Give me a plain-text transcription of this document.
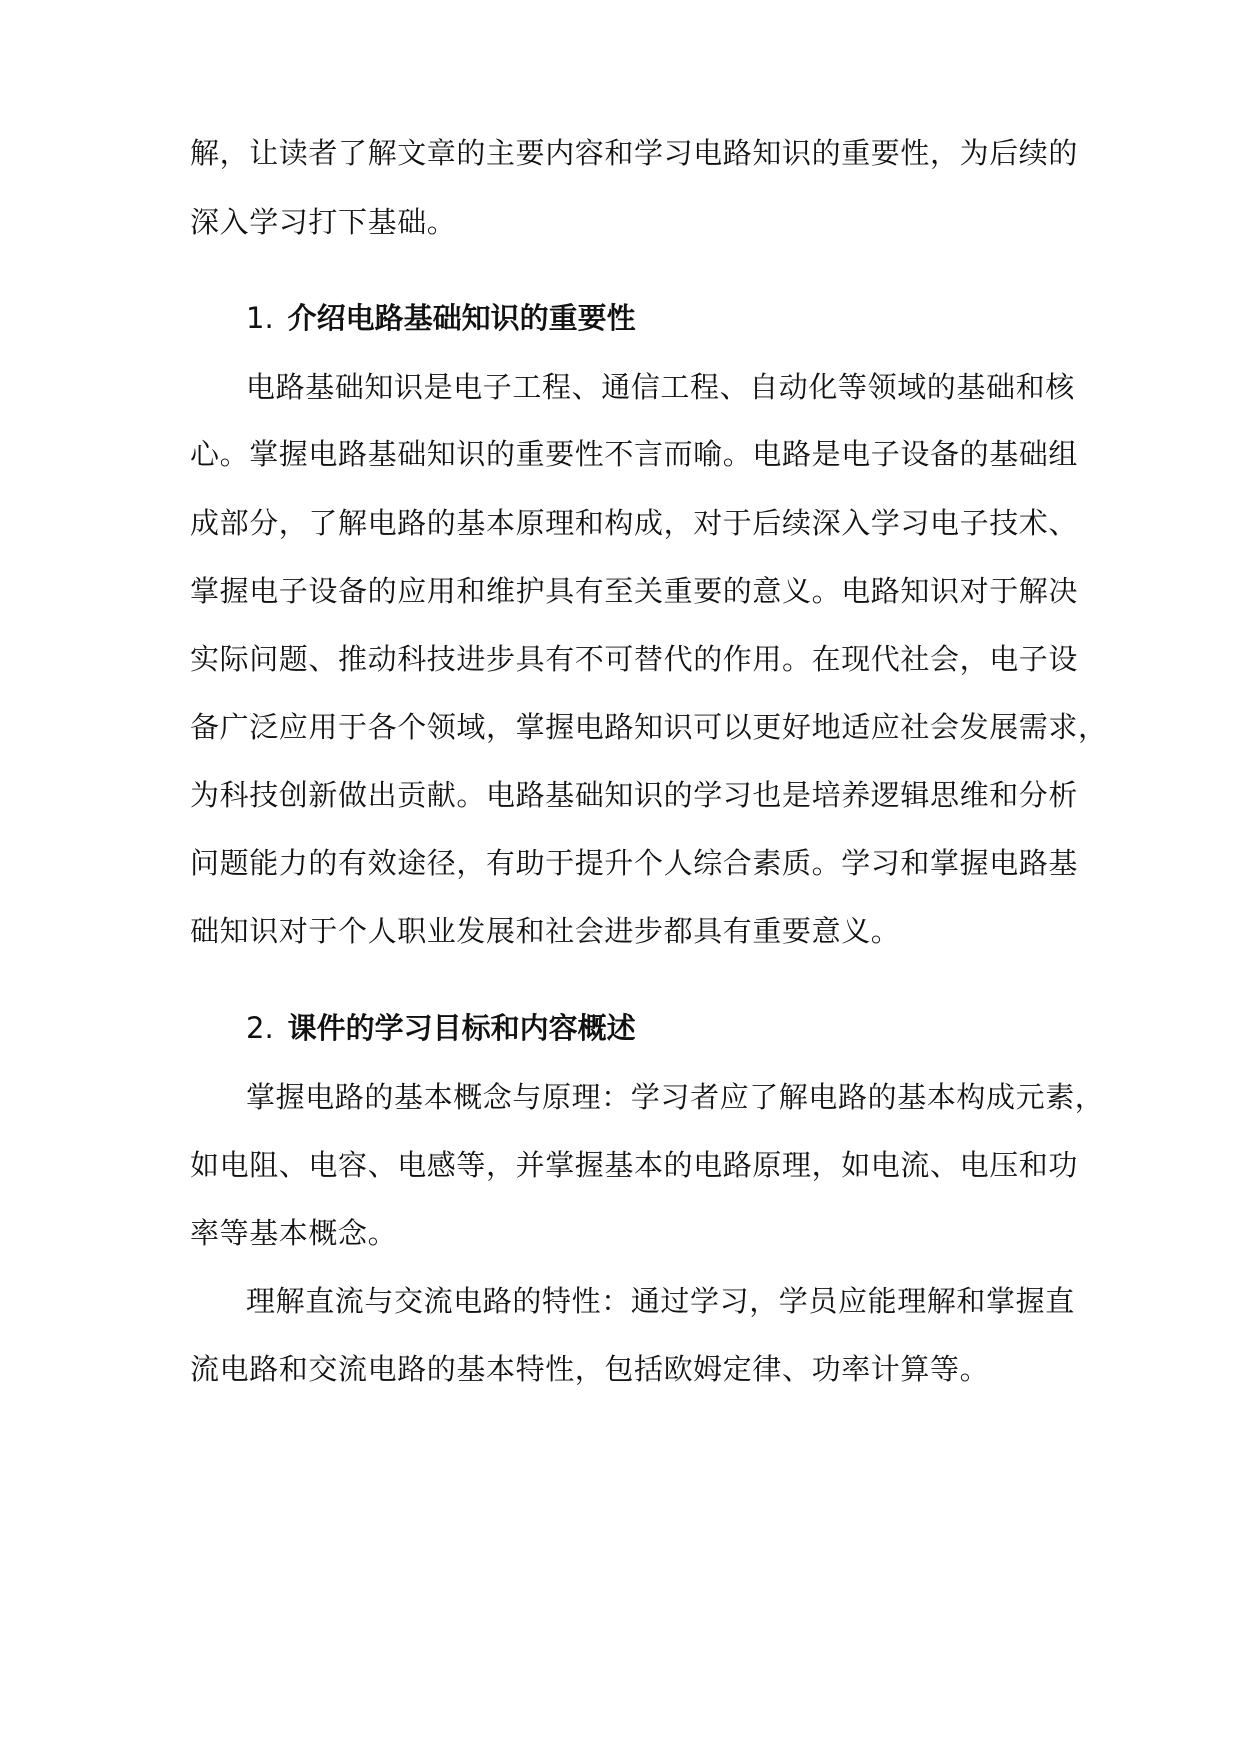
解，让读者了解文章的主要内容和学习电路知识的重要性，为后续的
深入学习打下基础。
1. 介绍电路基础知识的重要性
电路基础知识是电子工程、通信工程、自动化等领域的基础和核
心。掌握电路基础知识的重要性不言而喻。电路是电子设备的基础组
成部分，了解电路的基本原理和构成，对于后续深入学习电子技术、
掌握电子设备的应用和维护具有至关重要的意义。电路知识对于解决
实际问题、推动科技进步具有不可替代的作用。在现代社会，电子设
备广泛应用于各个领域，掌握电路知识可以更好地适应社会发展需求，
为科技创新做出贡献。电路基础知识的学习也是培养逻辑思维和分析
问题能力的有效途径，有助于提升个人综合素质。学习和掌握电路基
础知识对于个人职业发展和社会进步都具有重要意义。
2. 课件的学习目标和内容概述
掌握电路的基本概念与原理：学习者应了解电路的基本构成元素，
如电阻、电容、电感等，并掌握基本的电路原理，如电流、电压和功
率等基本概念。
理解直流与交流电路的特性：通过学习，学员应能理解和掌握直
流电路和交流电路的基本特性，包括欧姆定律、功率计算等。
